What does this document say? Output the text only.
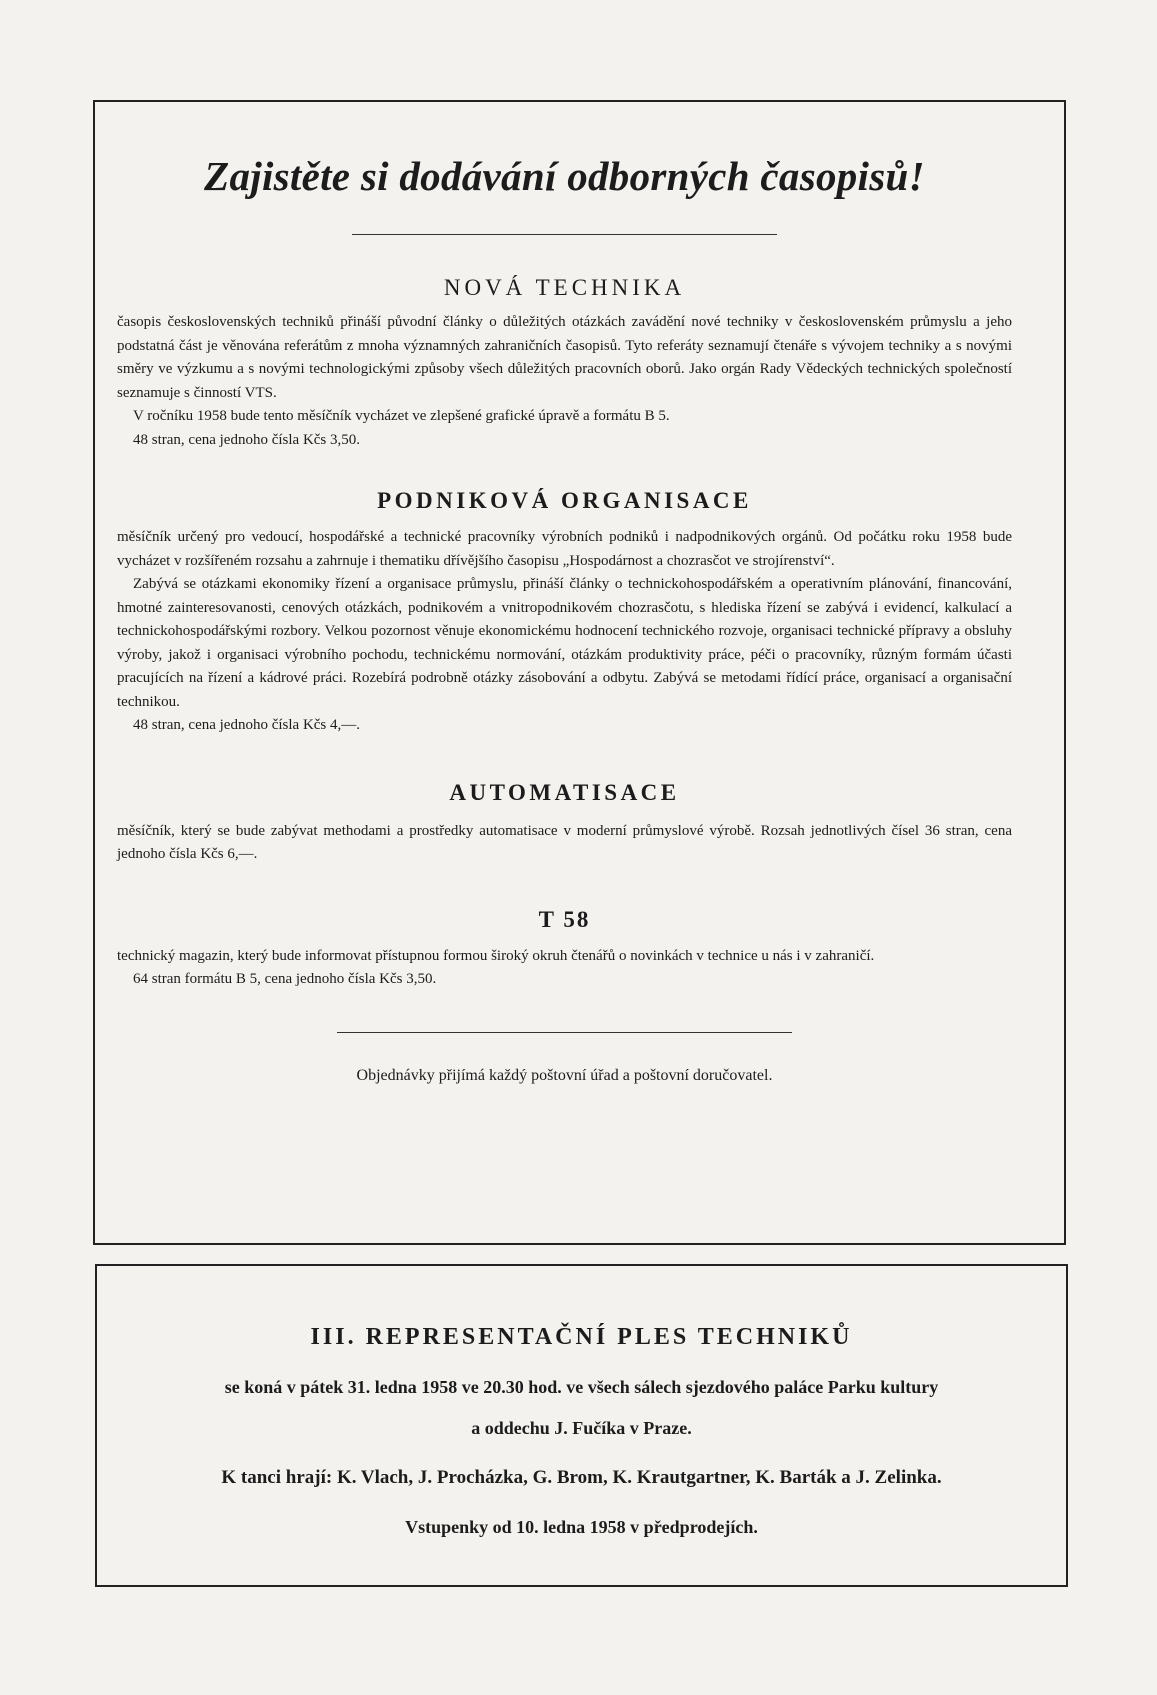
Zajistěte si dodávání odborných časopisů!
NOVÁ TECHNIKA

časopis československých techniků přináší původní články o důležitých otázkách zavádění nové techniky v československém průmyslu a jeho podstatná část je věnována referátům z mnoha významných zahraničních časopisů. Tyto referáty seznamují čtenáře s vývojem techniky a s novými směry ve výzkumu a s novými technologickými způsoby všech důležitých pracovních oborů. Jako orgán Rady Vědeckých technických společností seznamuje s činností VTS.

V ročníku 1958 bude tento měsíčník vycházet ve zlepšené grafické úpravě a formátu B 5.

48 stran, cena jednoho čísla Kčs 3,50.

PODNIKOVÁ ORGANISACE

měsíčník určený pro vedoucí, hospodářské a technické pracovníky výrobních podniků i nadpodnikových orgánů. Od počátku roku 1958 bude vycházet v rozšířeném rozsahu a zahrnuje i thematiku dřívějšího časopisu „Hospodárnost a chozrasčot ve strojírenství“.

Zabývá se otázkami ekonomiky řízení a organisace průmyslu, přináší články o technickohospodářském a operativním plánování, financování, hmotné zainteresovanosti, cenových otázkách, podnikovém a vnitropodnikovém chozrasčotu, s hlediska řízení se zabývá i evidencí, kalkulací a technickohospodářskými rozbory. Velkou pozornost věnuje ekonomickému hodnocení technického rozvoje, organisaci technické přípravy a obsluhy výroby, jakož i organisaci výrobního pochodu, technickému normování, otázkám produktivity práce, péči o pracovníky, různým formám účasti pracujících na řízení a kádrové práci. Rozebírá podrobně otázky zásobování a odbytu. Zabývá se metodami řídící práce, organisací a organisační technikou.

48 stran, cena jednoho čísla Kčs 4,—.

AUTOMATISACE

měsíčník, který se bude zabývat methodami a prostředky automatisace v moderní průmyslové výrobě. Rozsah jednotlivých čísel 36 stran, cena jednoho čísla Kčs 6,—.

T 58

technický magazin, který bude informovat přístupnou formou široký okruh čtenářů o novinkách v technice u nás i v zahraničí.

64 stran formátu B 5, cena jednoho čísla Kčs 3,50.

Objednávky přijímá každý poštovní úřad a poštovní doručovatel.

III. REPRESENTAČNÍ PLES TECHNIKŮ

se koná v pátek 31. ledna 1958 ve 20.30 hod. ve všech sálech sjezdového paláce Parku kultury

a oddechu J. Fučíka v Praze.

K tanci hrají: K. Vlach, J. Procházka, G. Brom, K. Krautgartner, K. Barták a J. Zelinka.

Vstupenky od 10. ledna 1958 v předprodejích.
